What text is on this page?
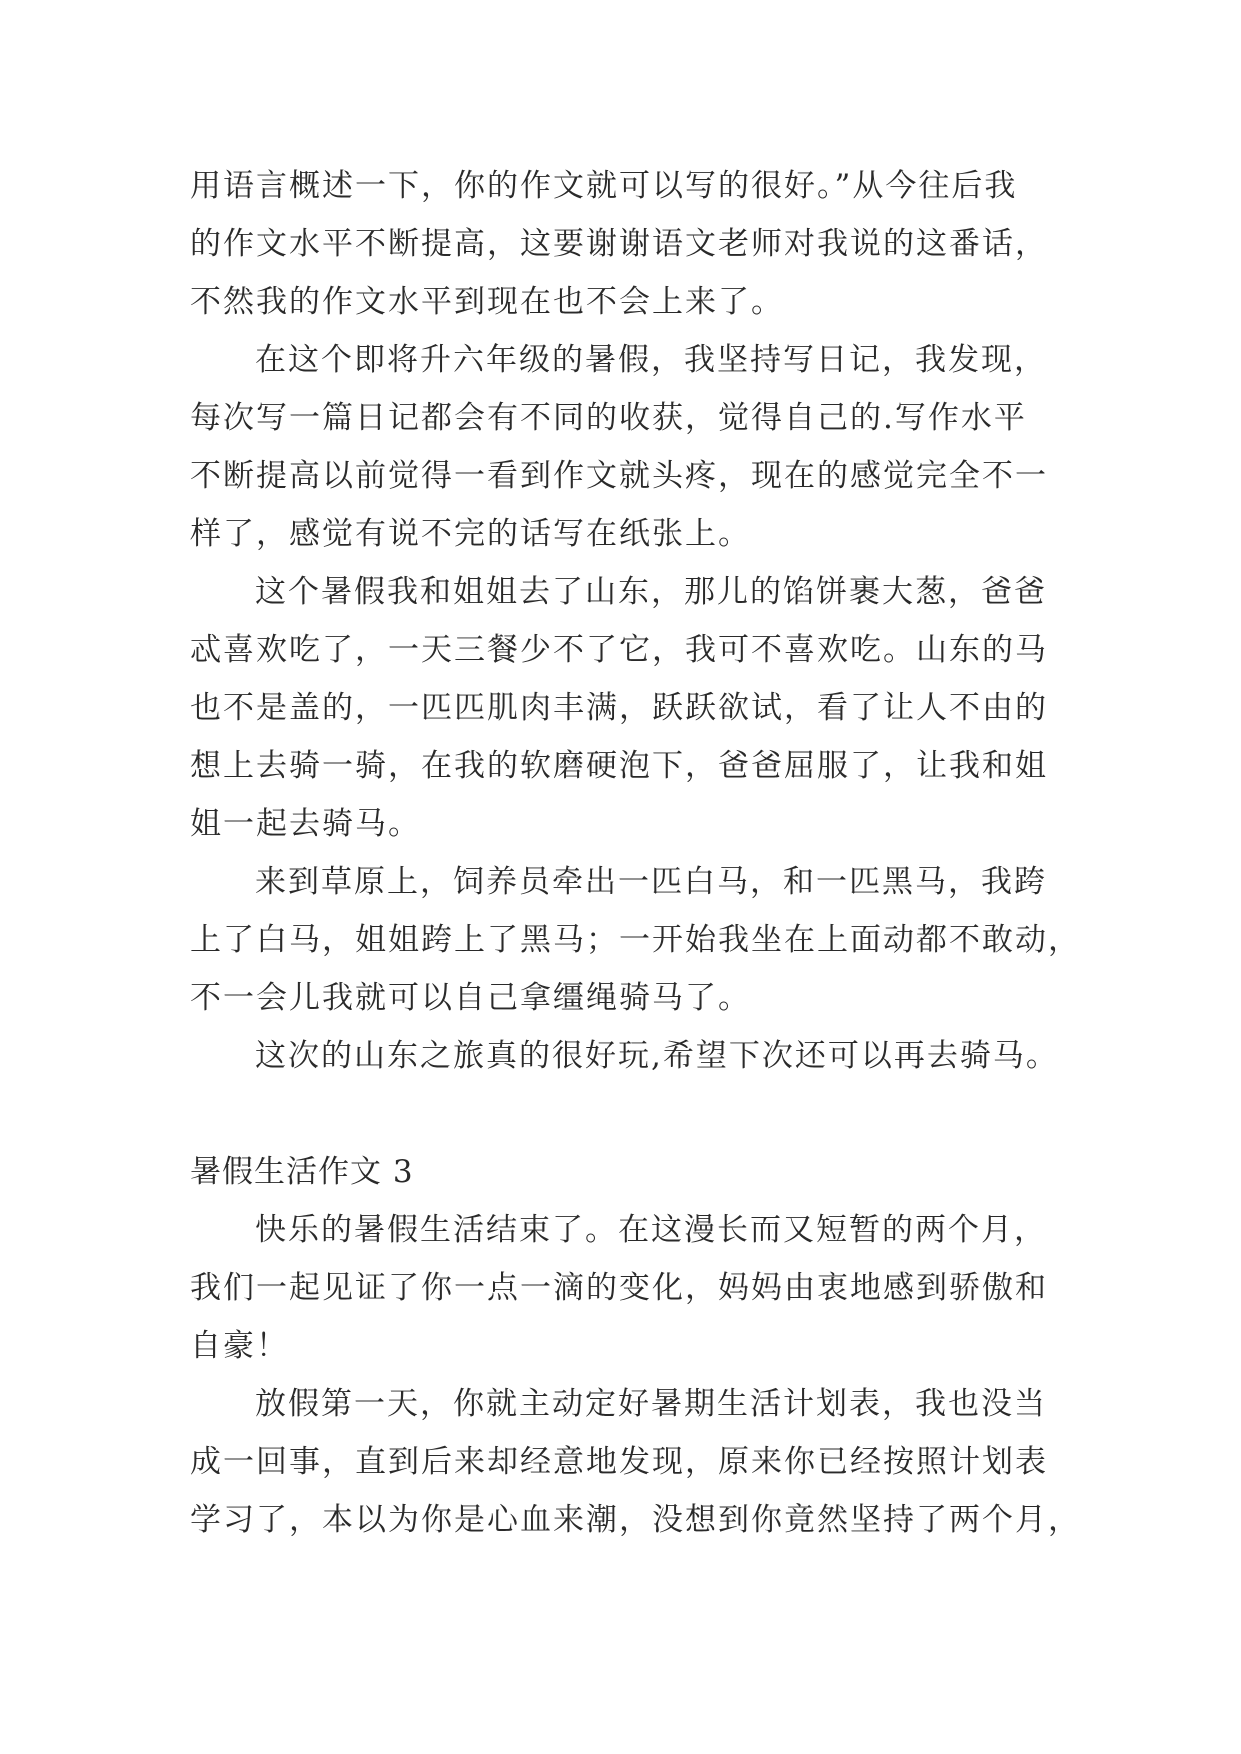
用语言概述一下，你的作文就可以写的很好。”从今往后我
的作文水平不断提高，这要谢谢语文老师对我说的这番话，
不然我的作文水平到现在也不会上来了。
在这个即将升六年级的暑假，我坚持写日记，我发现，
每次写一篇日记都会有不同的收获，觉得自己的.写作水平
不断提高以前觉得一看到作文就头疼，现在的感觉完全不一
样了，感觉有说不完的话写在纸张上。
这个暑假我和姐姐去了山东，那儿的馅饼裹大葱，爸爸
忒喜欢吃了，一天三餐少不了它，我可不喜欢吃。山东的马
也不是盖的，一匹匹肌肉丰满，跃跃欲试，看了让人不由的
想上去骑一骑，在我的软磨硬泡下，爸爸屈服了，让我和姐
姐一起去骑马。
来到草原上，饲养员牵出一匹白马，和一匹黑马，我跨
上了白马，姐姐跨上了黑马；一开始我坐在上面动都不敢动，
不一会儿我就可以自己拿缰绳骑马了。
这次的山东之旅真的很好玩,希望下次还可以再去骑马。
暑假生活作文 3
快乐的暑假生活结束了。在这漫长而又短暂的两个月，
我们一起见证了你一点一滴的变化，妈妈由衷地感到骄傲和
自豪！
放假第一天，你就主动定好暑期生活计划表，我也没当
成一回事，直到后来却经意地发现，原来你已经按照计划表
学习了，本以为你是心血来潮，没想到你竟然坚持了两个月，
